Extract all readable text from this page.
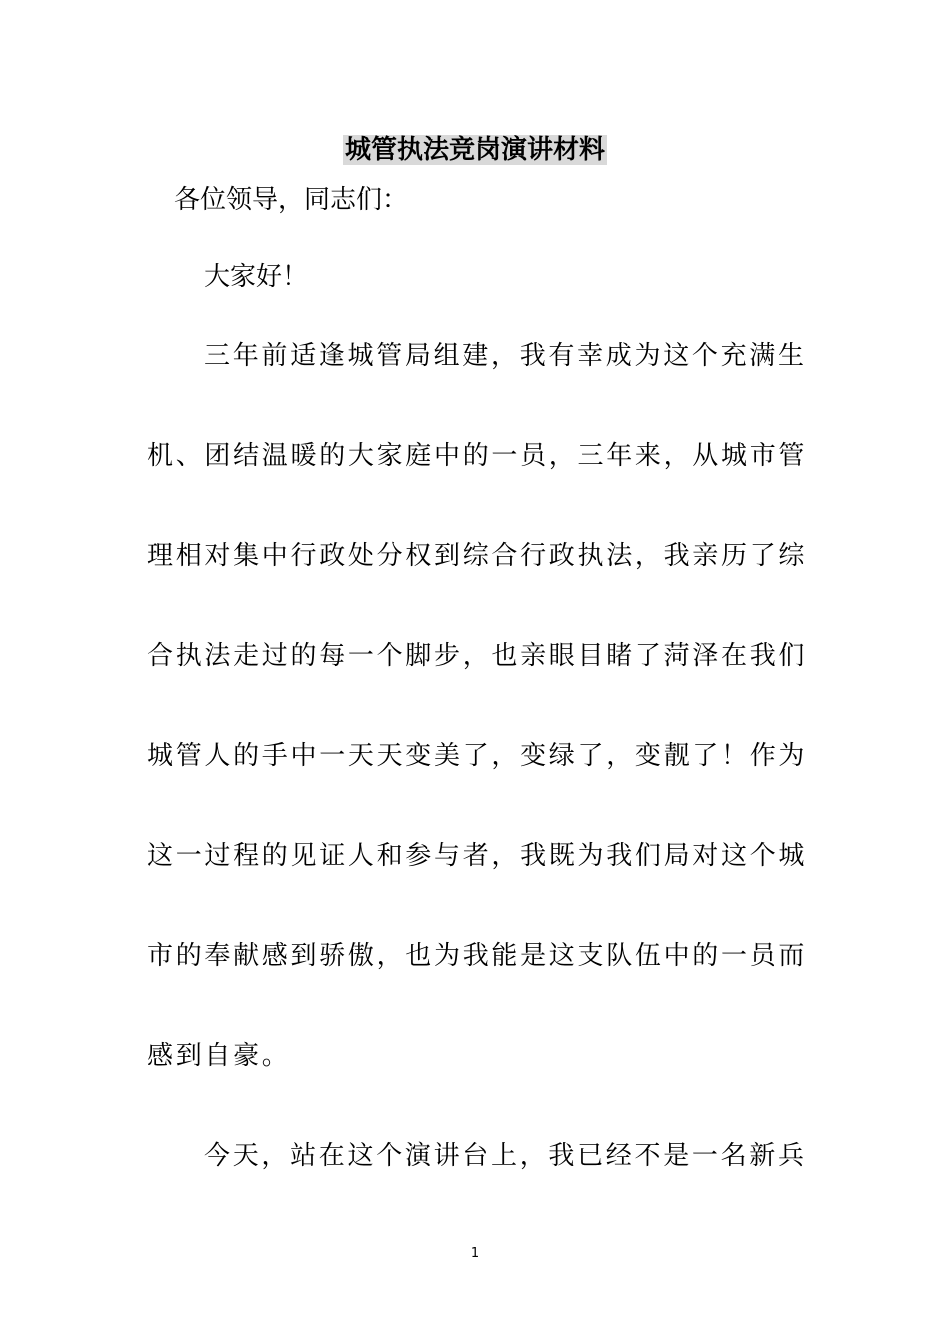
城管执法竞岗演讲材料
各位领导，同志们：
大家好！
三年前适逢城管局组建，我有幸成为这个充满生
机、团结温暖的大家庭中的一员，三年来，从城市管
理相对集中行政处分权到综合行政执法，我亲历了综
合执法走过的每一个脚步，也亲眼目睹了菏泽在我们
城管人的手中一天天变美了，变绿了，变靓了！作为
这一过程的见证人和参与者，我既为我们局对这个城
市的奉献感到骄傲，也为我能是这支队伍中的一员而
感到自豪。
今天，站在这个演讲台上，我已经不是一名新兵
1
